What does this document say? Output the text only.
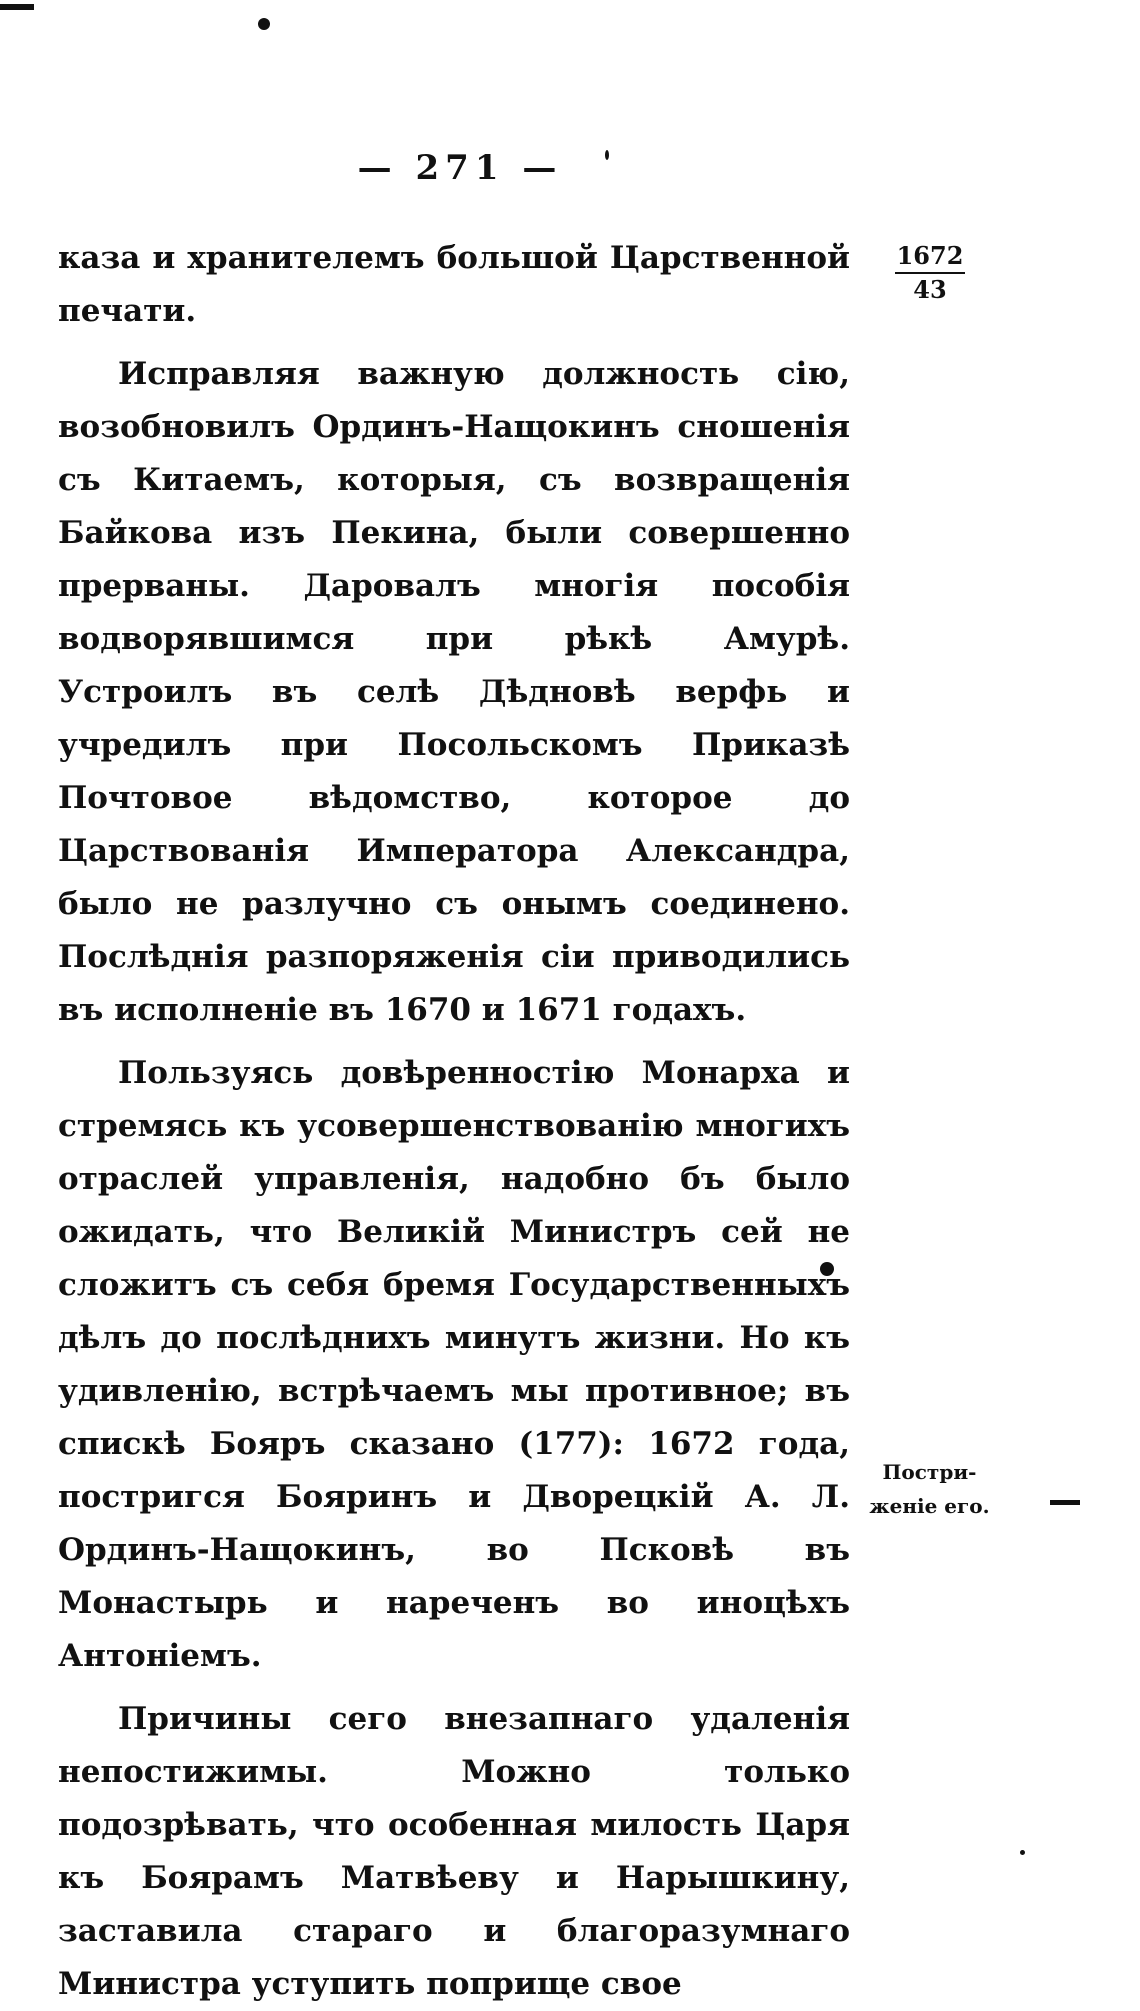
— 271 —
1672
43
Постри-
женіе его.

каза и хранителемъ большой Царственной печати.

Исправляя важную должность сію, возобновилъ Ординъ-Нащокинъ сношенія съ Китаемъ, которыя, съ возвращенія Байкова изъ Пекина, были совершенно прерваны. Даровалъ многія пособія водворявшимся при рѣкѣ Амурѣ. Устроилъ въ селѣ Дѣдновѣ верфь и учредилъ при Посольскомъ Приказѣ Почтовое вѣдомство, которое до Царствованія Императора Александра, было не разлучно съ онымъ соединено. Послѣднія разпоряженія сіи приводились въ исполненіе въ 1670 и 1671 годахъ.

Пользуясь довѣренностію Монарха и стремясь къ усовершенствованію многихъ отраслей управленія, надобно бъ было ожидать, что Великій Министръ сей не сложитъ съ себя бремя Государственныхъ дѣлъ до послѣднихъ минутъ жизни. Но къ удивленію, встрѣчаемъ мы противное; въ спискѣ Бояръ сказано (177): 1672 года, постригся Бояринъ и Дворецкій А. Л. Ординъ-Нащокинъ, во Псковѣ въ Монастырь и нареченъ во иноцѣхъ Антоніемъ.

Причины сего внезапнаго удаленія непостижимы. Можно только подозрѣвать, что особенная милость Царя къ Боярамъ Матвѣеву и Нарышкину, заставила стараго и благоразумнаго Министра уступить поприще свое
